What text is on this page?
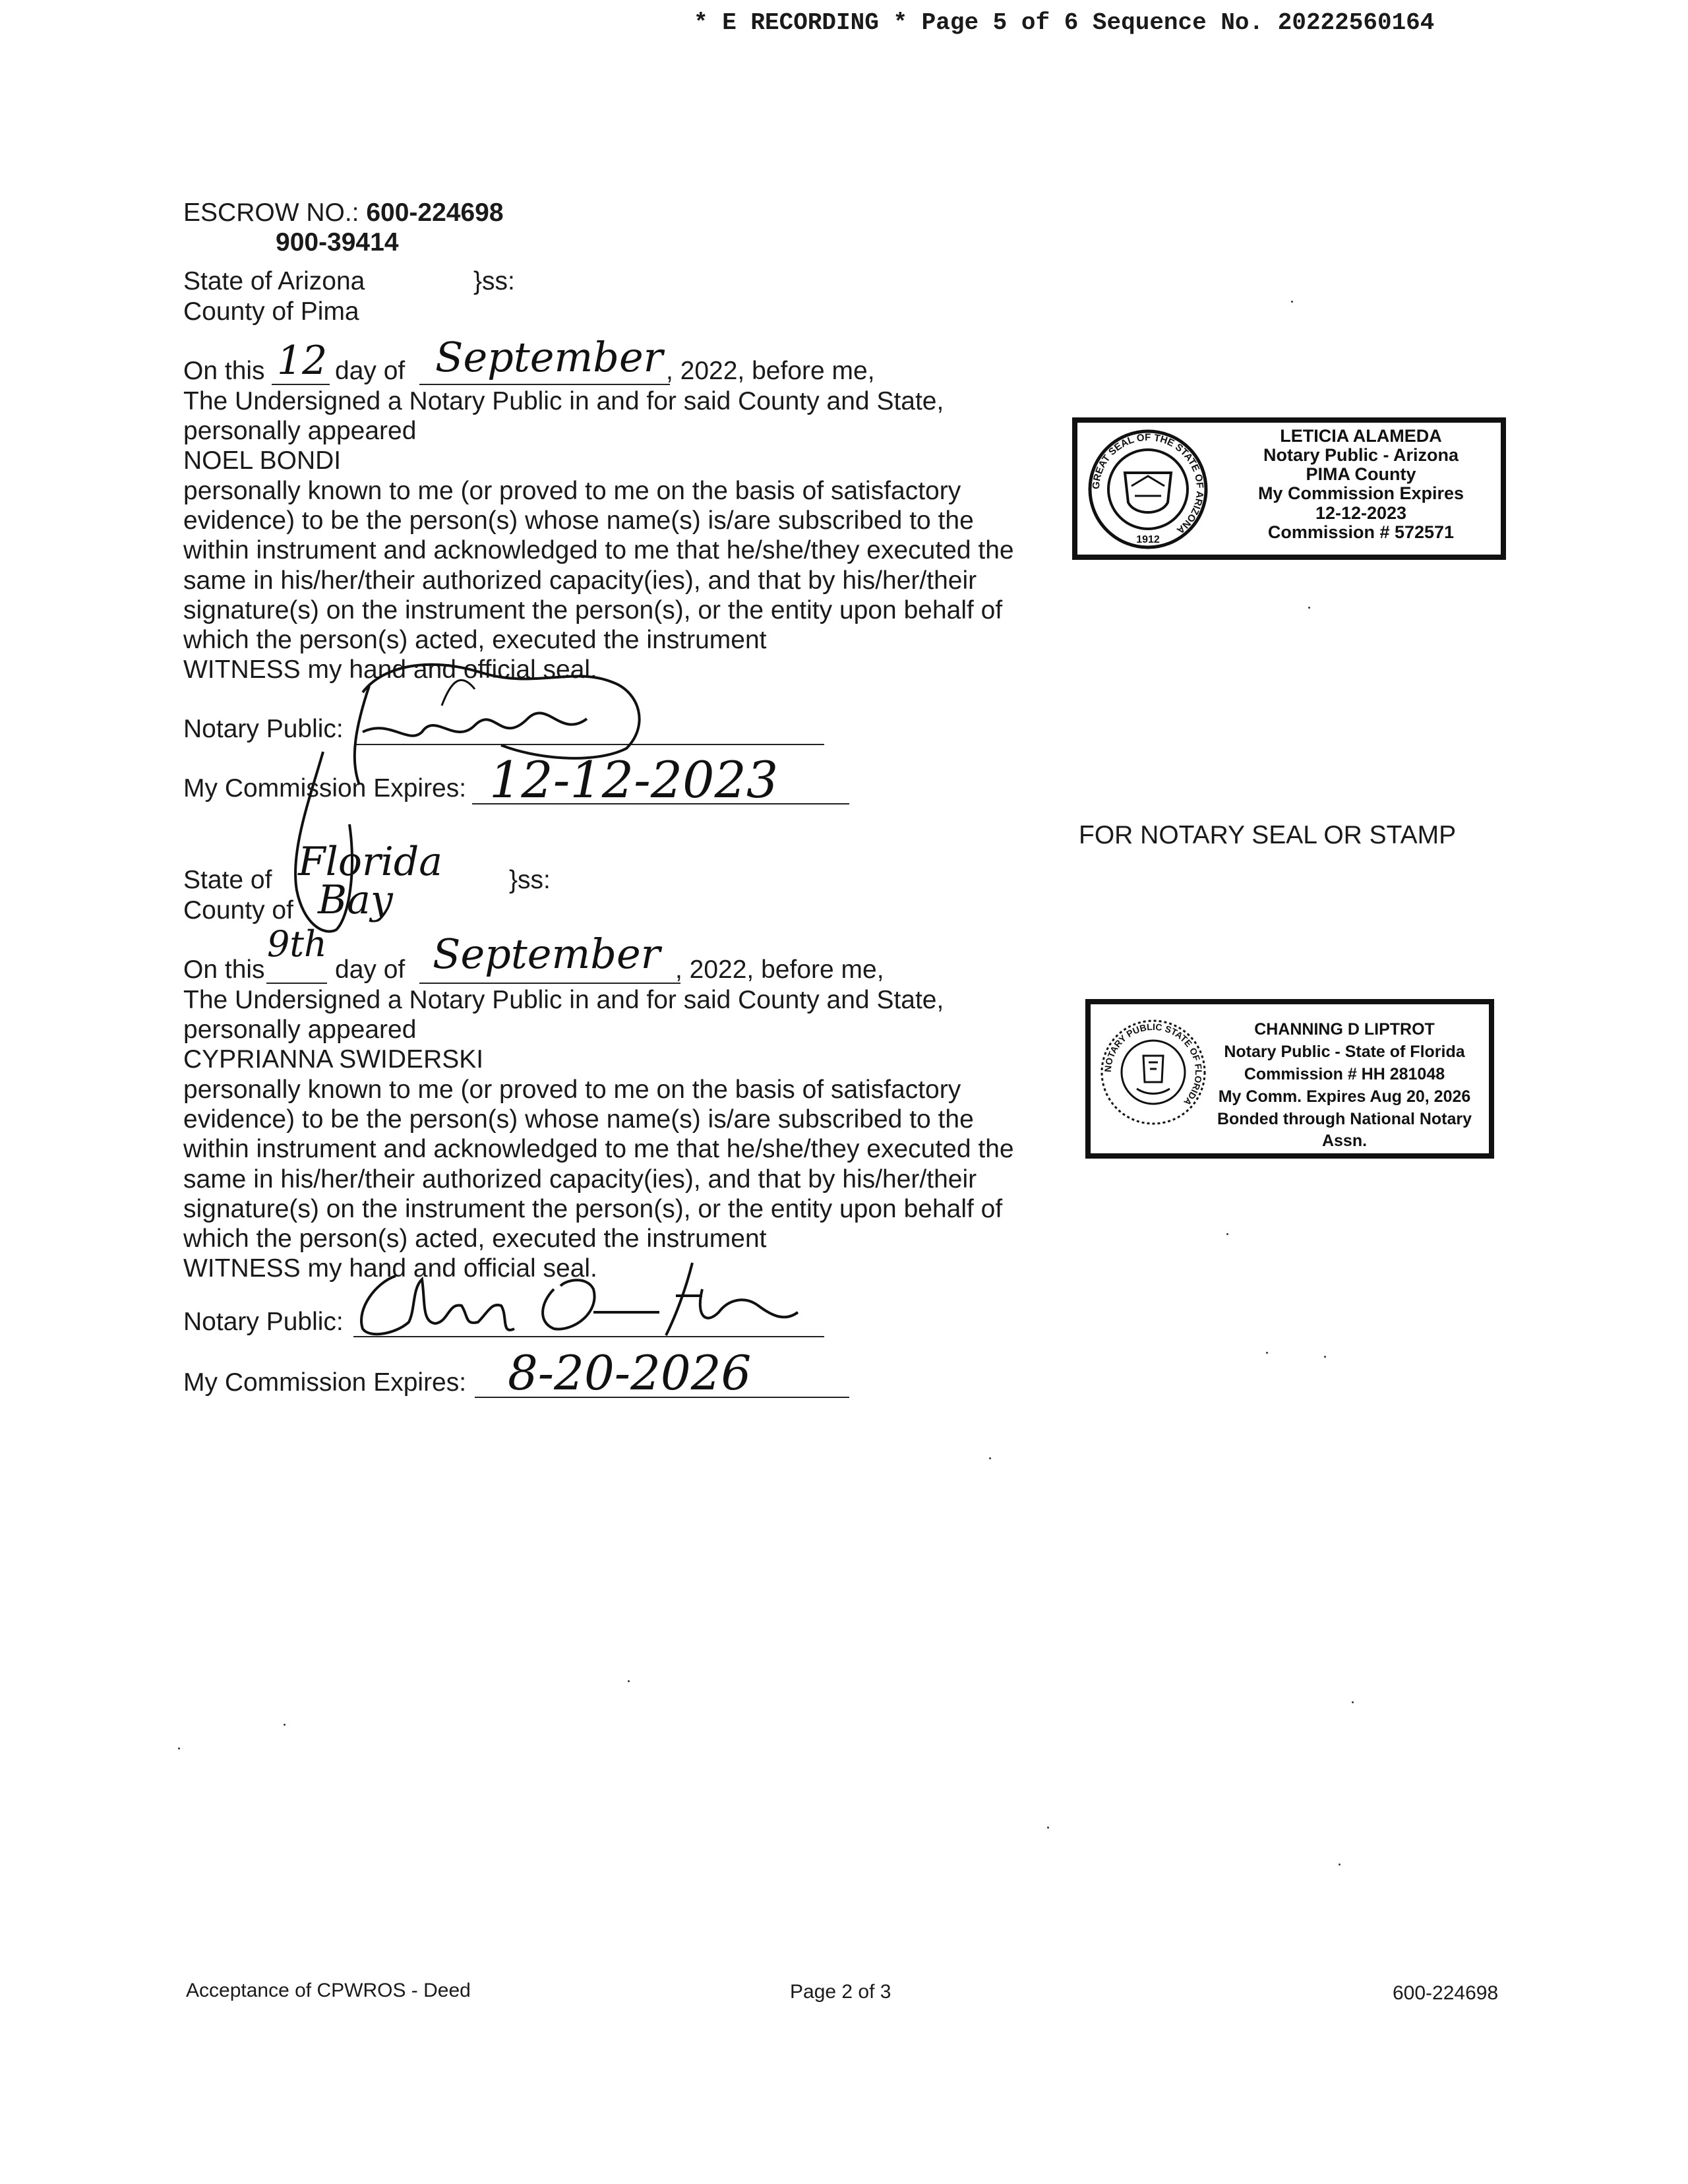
* E RECORDING * Page 5 of 6 Sequence No. 20222560164
ESCROW NO.: 600-224698
900-39414
State of Arizona	}ss:
County of Pima
On this 12 day of September , 2022, before me,
The Undersigned a Notary Public in and for said County and State,
personally appeared
NOEL BONDI
personally known to me (or proved to me on the basis of satisfactory
evidence) to be the person(s) whose name(s) is/are subscribed to the
within instrument and acknowledged to me that he/she/they executed the
same in his/her/their authorized capacity(ies), and that by his/her/their
signature(s) on the instrument the person(s), or the entity upon behalf of
which the person(s) acted, executed the instrument
WITNESS my hand and official seal.
Notary Public:
My Commission Expires: 12-12-2023
GREAT SEAL OF THE STATE OF ARIZONA
1912
LETICIA ALAMEDA
Notary Public - Arizona
PIMA County
My Commission Expires
12-12-2023
Commission # 572571
FOR NOTARY SEAL OR STAMP
State of Florida	}ss:
County of Bay
On this
9th
day of September , 2022, before me,
The Undersigned a Notary Public in and for said County and State,
personally appeared
CYPRIANNA SWIDERSKI
personally known to me (or proved to me on the basis of satisfactory
evidence) to be the person(s) whose name(s) is/are subscribed to the
within instrument and acknowledged to me that he/she/they executed the
same in his/her/their authorized capacity(ies), and that by his/her/their
signature(s) on the instrument the person(s), or the entity upon behalf of
which the person(s) acted, executed the instrument
WITNESS my hand and official seal.
Notary Public:
My Commission Expires: 8-20-2026
NOTARY PUBLIC STATE OF FLORIDA
CHANNING D LIPTROT
Notary Public - State of Florida
Commission # HH 281048
My Comm. Expires Aug 20, 2026
Bonded through National Notary Assn.
Acceptance of CPWROS - Deed	Page 2 of 3	600-224698
